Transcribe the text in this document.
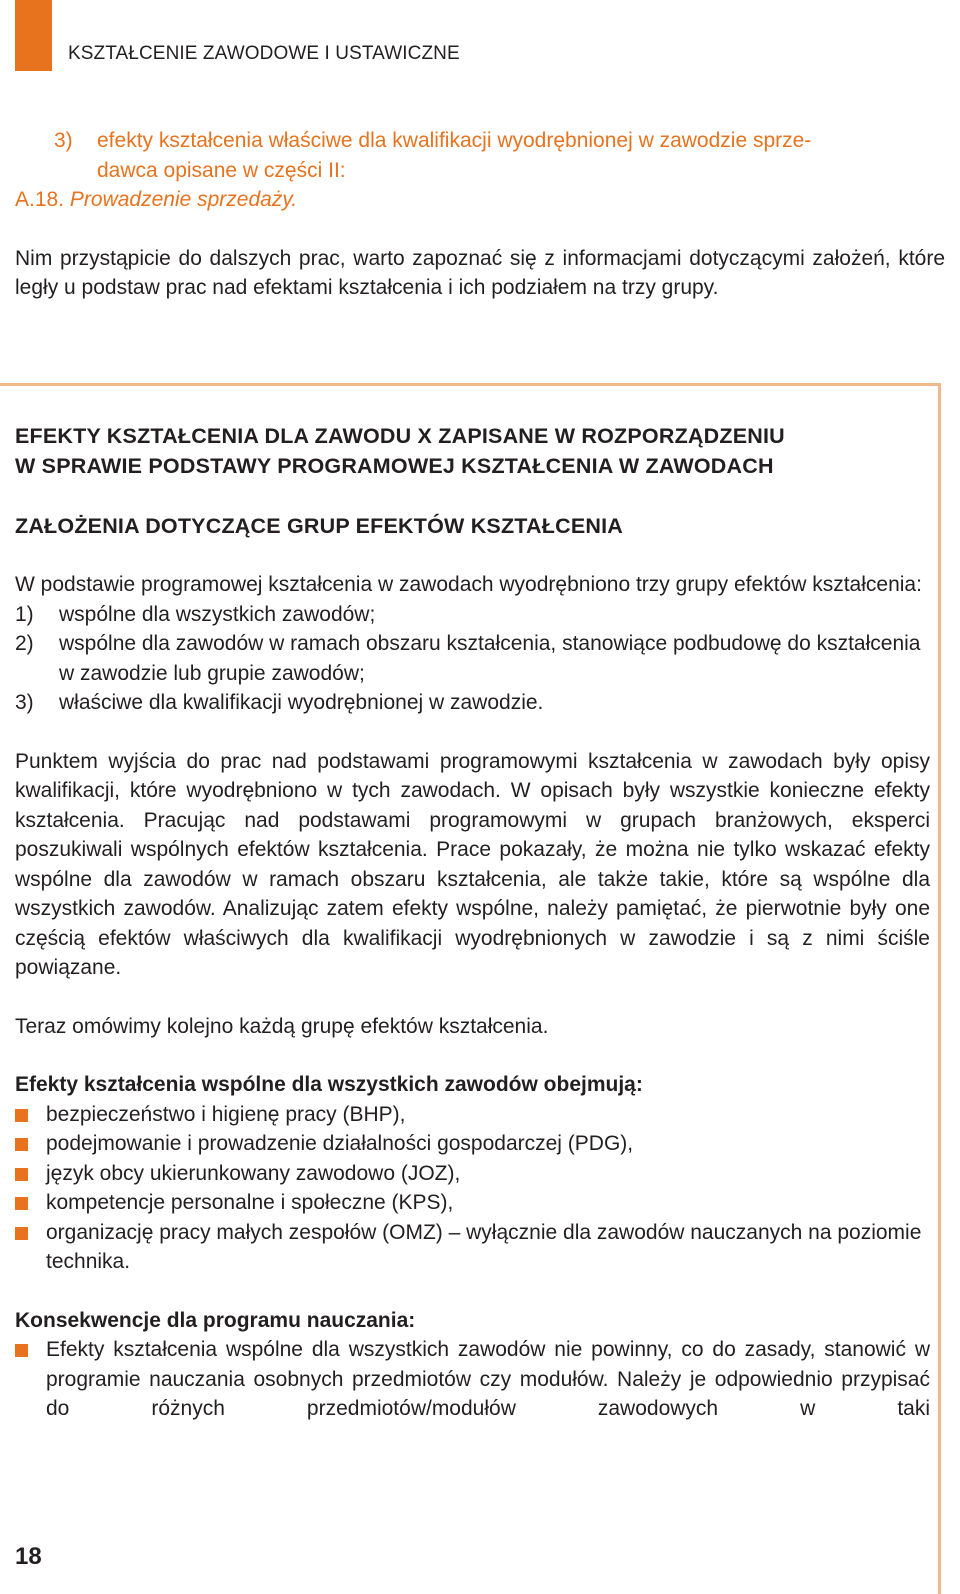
KSZTAŁCENIE ZAWODOWE I USTAWICZNE
3) efekty kształcenia właściwe dla kwalifikacji wyodrębnionej w zawodzie sprze-
dawca opisane w części II:
A.18. Prowadzenie sprzedaży.
Nim przystąpicie do dalszych prac, warto zapoznać się z informacjami dotyczącymi założeń, które legły u podstaw prac nad efektami kształcenia i ich podziałem na trzy grupy.
EFEKTY KSZTAŁCENIA DLA ZAWODU X ZAPISANE W ROZPORZĄDZENIU
W SPRAWIE PODSTAWY PROGRAMOWEJ KSZTAŁCENIA W ZAWODACH
ZAŁOŻENIA DOTYCZĄCE GRUP EFEKTÓW KSZTAŁCENIA
W podstawie programowej kształcenia w zawodach wyodrębniono trzy grupy efektów kształcenia:
1) wspólne dla wszystkich zawodów;
2) wspólne dla zawodów w ramach obszaru kształcenia, stanowiące podbudowę do kształcenia w zawodzie lub grupie zawodów;
3) właściwe dla kwalifikacji wyodrębnionej w zawodzie.
Punktem wyjścia do prac nad podstawami programowymi kształcenia w zawodach były opisy kwalifikacji, które wyodrębniono w tych zawodach. W opisach były wszystkie konieczne efekty kształcenia. Pracując nad podstawami programowymi w grupach branżowych, eksperci poszukiwali wspólnych efektów kształcenia. Prace pokazały, że można nie tylko wskazać efekty wspólne dla zawodów w ramach obszaru kształcenia, ale także takie, które są wspólne dla wszystkich zawodów. Analizując zatem efekty wspólne, należy pamiętać, że pierwotnie były one częścią efektów właściwych dla kwalifikacji wyodrębnionych w zawodzie i są z nimi ściśle powiązane.
Teraz omówimy kolejno każdą grupę efektów kształcenia.
Efekty kształcenia wspólne dla wszystkich zawodów obejmują:
bezpieczeństwo i higienę pracy (BHP),
podejmowanie i prowadzenie działalności gospodarczej (PDG),
język obcy ukierunkowany zawodowo (JOZ),
kompetencje personalne i społeczne (KPS),
organizację pracy małych zespołów (OMZ) – wyłącznie dla zawodów nauczanych na poziomie technika.
Konsekwencje dla programu nauczania:
Efekty kształcenia wspólne dla wszystkich zawodów nie powinny, co do zasady, stanowić w programie nauczania osobnych przedmiotów czy modułów. Należy je odpowiednio przypisać do różnych przedmiotów/modułów zawodowych w taki
18
